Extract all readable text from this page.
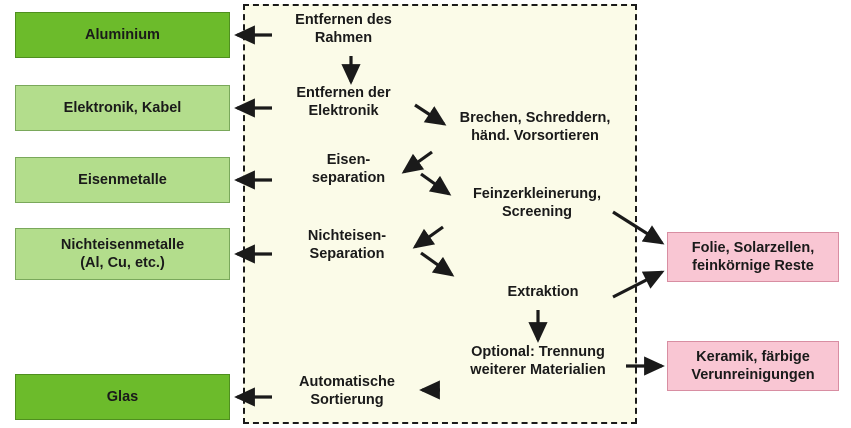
Aluminium
Elektronik, Kabel
Eisenmetalle
Nichteisenmetalle
(Al, Cu, etc.)
Glas
Folie, Solarzellen,
feinkörnige Reste
Keramik, färbige
Verunreinigungen
Entfernen des
Rahmen
Entfernen der
Elektronik
Eisen-
separation
Nichteisen-
Separation
Automatische
Sortierung
Brechen, Schreddern,
händ. Vorsortieren
Feinzerkleinerung,
Screening
Extraktion
Optional: Trennung
weiterer Materialien
